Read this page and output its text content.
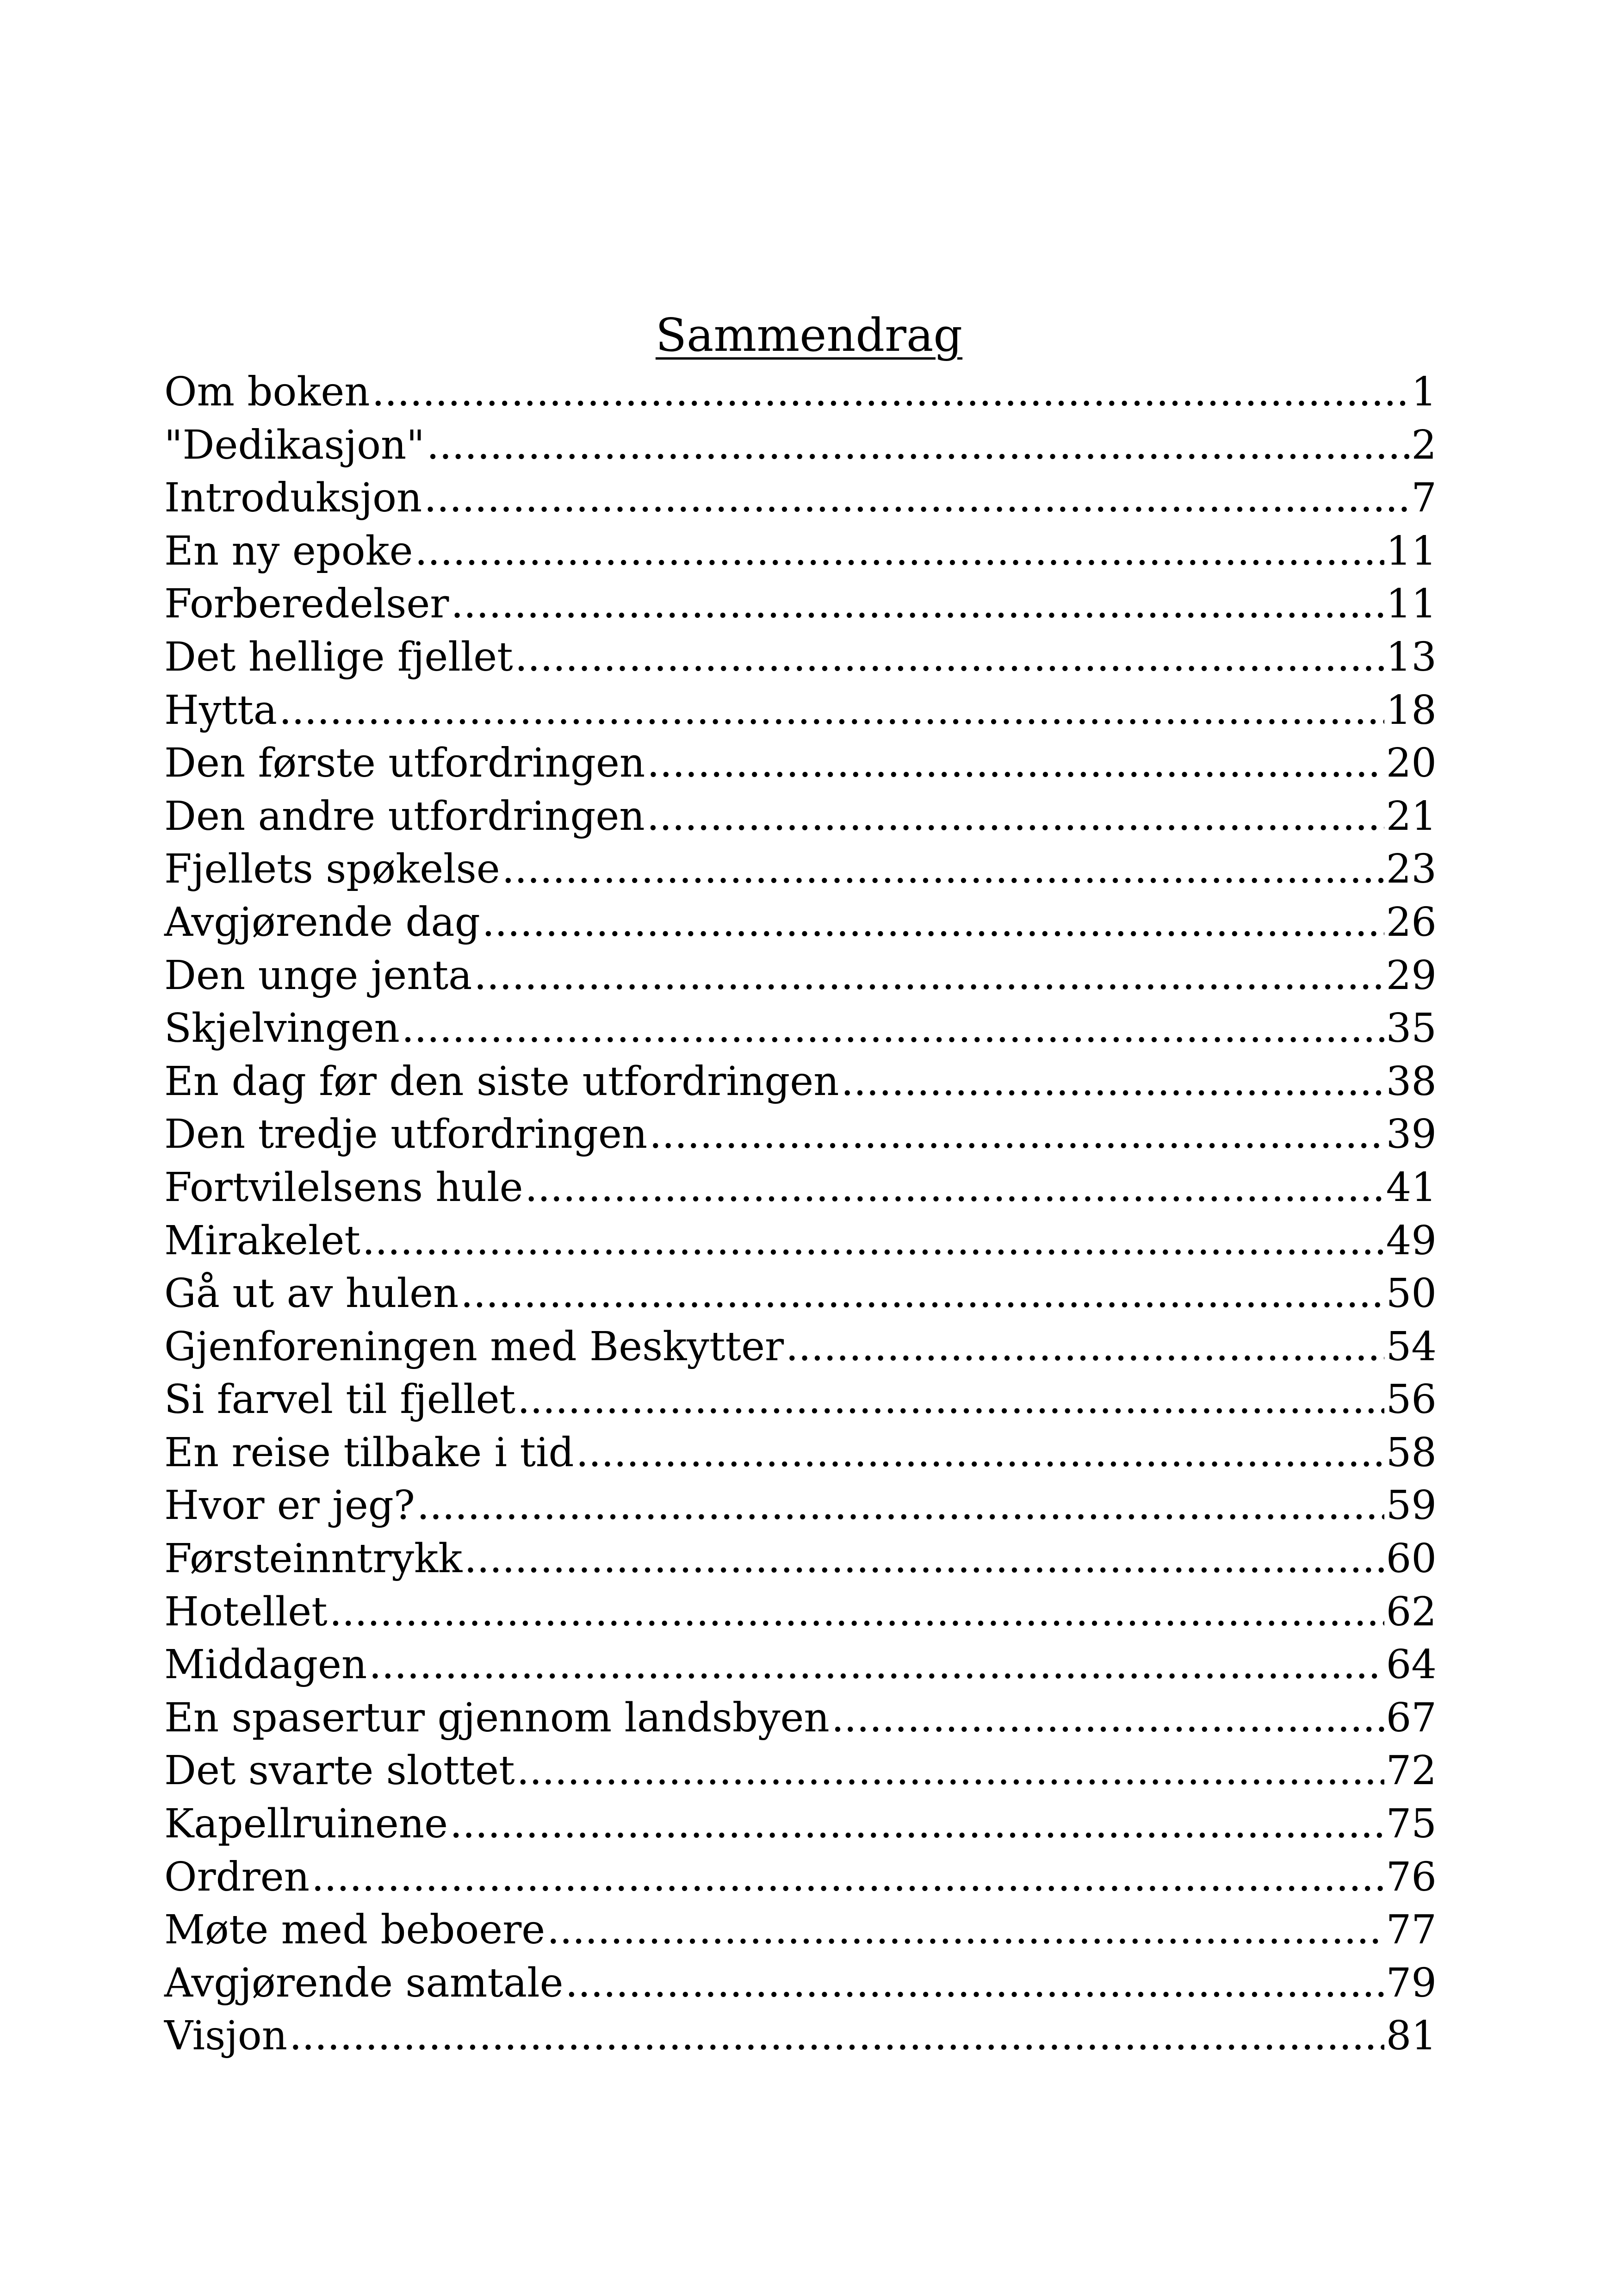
Sammendrag
Om boken .....	1
"Dedikasjon" .....	2
Introduksjon .....	7
En ny epoke .....	11
Forberedelser .....	11
Det hellige fjellet .....	13
Hytta .....	18
Den første utfordringen .....	20
Den andre utfordringen .....	21
Fjellets spøkelse .....	23
Avgjørende dag .....	26
Den unge jenta .....	29
Skjelvingen .....	35
En dag før den siste utfordringen .....	38
Den tredje utfordringen .....	39
Fortvilelsens hule .....	41
Mirakelet .....	49
Gå ut av hulen .....	50
Gjenforeningen med Beskytter .....	54
Si farvel til fjellet .....	56
En reise tilbake i tid .....	58
Hvor er jeg? .....	59
Førsteinntrykk .....	60
Hotellet .....	62
Middagen .....	64
En spasertur gjennom landsbyen .....	67
Det svarte slottet .....	72
Kapellruinene .....	75
Ordren .....	76
Møte med beboere .....	77
Avgjørende samtale .....	79
Visjon .....	81
